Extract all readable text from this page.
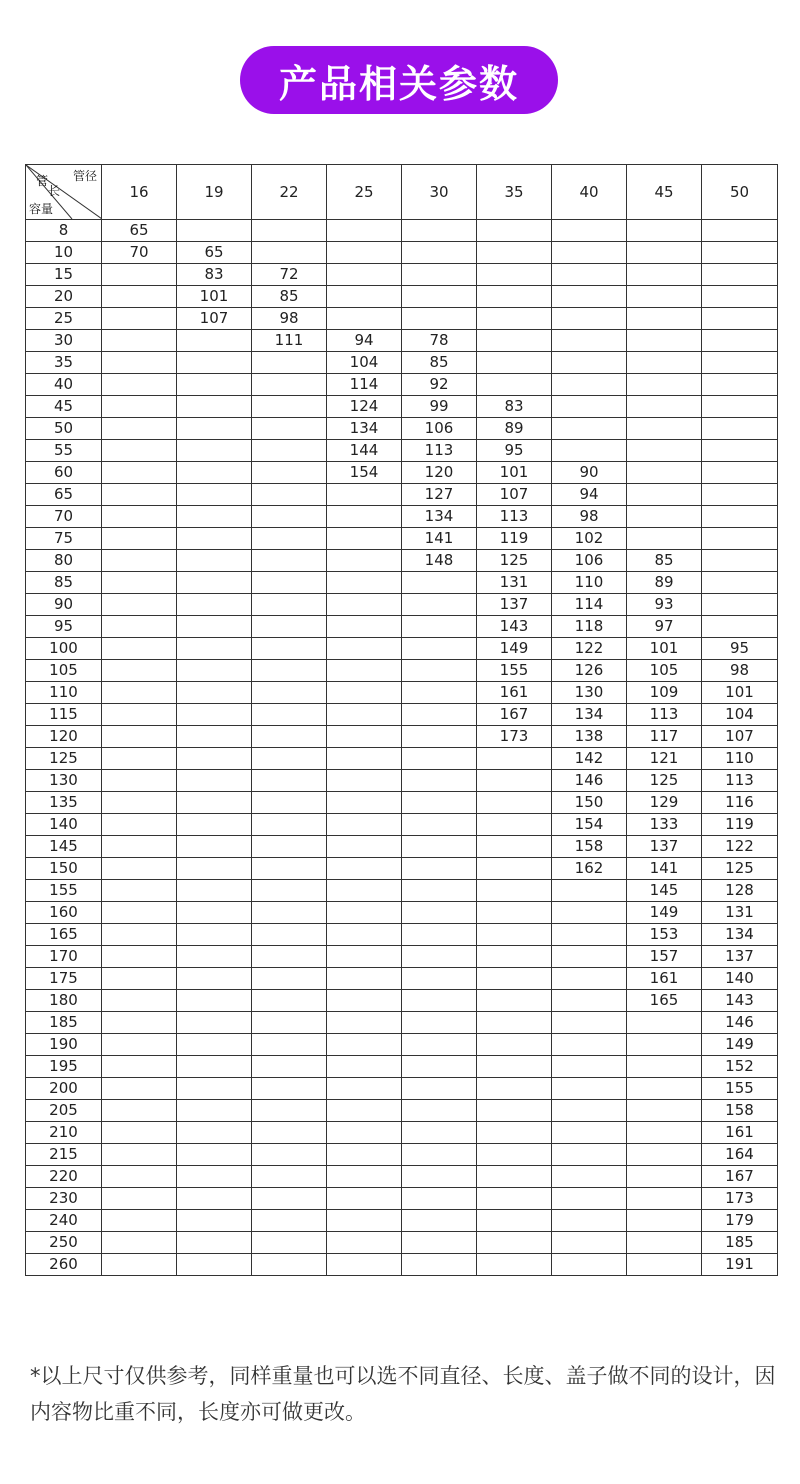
产品相关参数
管径
管
长
容量	16	19	22	25	30	35	40	45	50
8	65								
10	70	65							
15		83	72						
20		101	85						
25		107	98						
30			111	94	78				
35				104	85				
40				114	92				
45				124	99	83			
50				134	106	89			
55				144	113	95			
60				154	120	101	90		
65					127	107	94		
70					134	113	98		
75					141	119	102		
80					148	125	106	85	
85						131	110	89	
90						137	114	93	
95						143	118	97	
100						149	122	101	95
105						155	126	105	98
110						161	130	109	101
115						167	134	113	104
120						173	138	117	107
125							142	121	110
130							146	125	113
135							150	129	116
140							154	133	119
145							158	137	122
150							162	141	125
155								145	128
160								149	131
165								153	134
170								157	137
175								161	140
180								165	143
185									146
190									149
195									152
200									155
205									158
210									161
215									164
220									167
230									173
240									179
250									185
260									191
*以上尺寸仅供参考，同样重量也可以选不同直径、长度、盖子做不同的设计，因内容物比重不同，长度亦可做更改。
